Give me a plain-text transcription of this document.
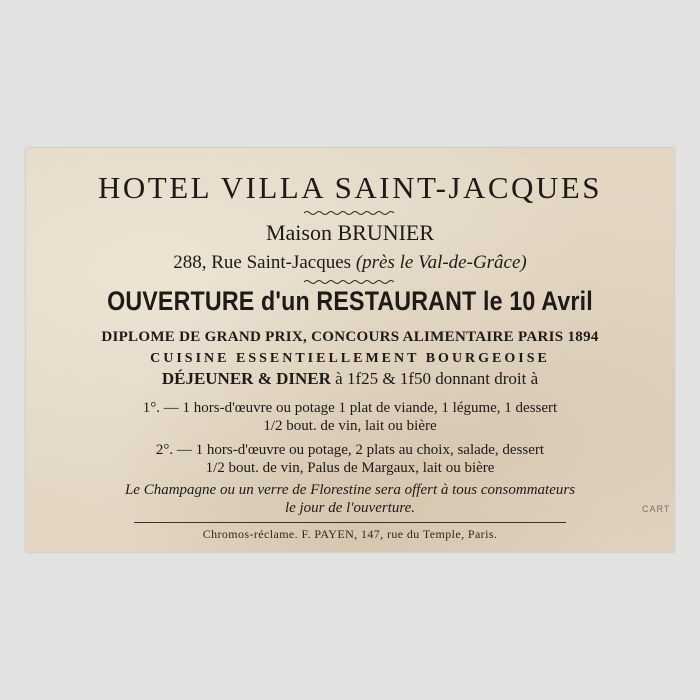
HOTEL VILLA SAINT-JACQUES
Maison BRUNIER
288, Rue Saint-Jacques (près le Val-de-Grâce)
OUVERTURE d'un RESTAURANT le 10 Avril
DIPLOME DE GRAND PRIX, CONCOURS ALIMENTAIRE PARIS 1894
CUISINE ESSENTIELLEMENT BOURGEOISE
DÉJEUNER & DINER à 1f25 & 1f50 donnant droit à
1°. — 1 hors-d'œuvre ou potage 1 plat de viande, 1 légume, 1 dessert
1/2 bout. de vin, lait ou bière
2°. — 1 hors-d'œuvre ou potage, 2 plats au choix, salade, dessert
1/2 bout. de vin, Palus de Margaux, lait ou bière
Le Champagne ou un verre de Florestine sera offert à tous consommateurs
le jour de l'ouverture.
Chromos-réclame. F. PAYEN, 147, rue du Temple, Paris.
CART
